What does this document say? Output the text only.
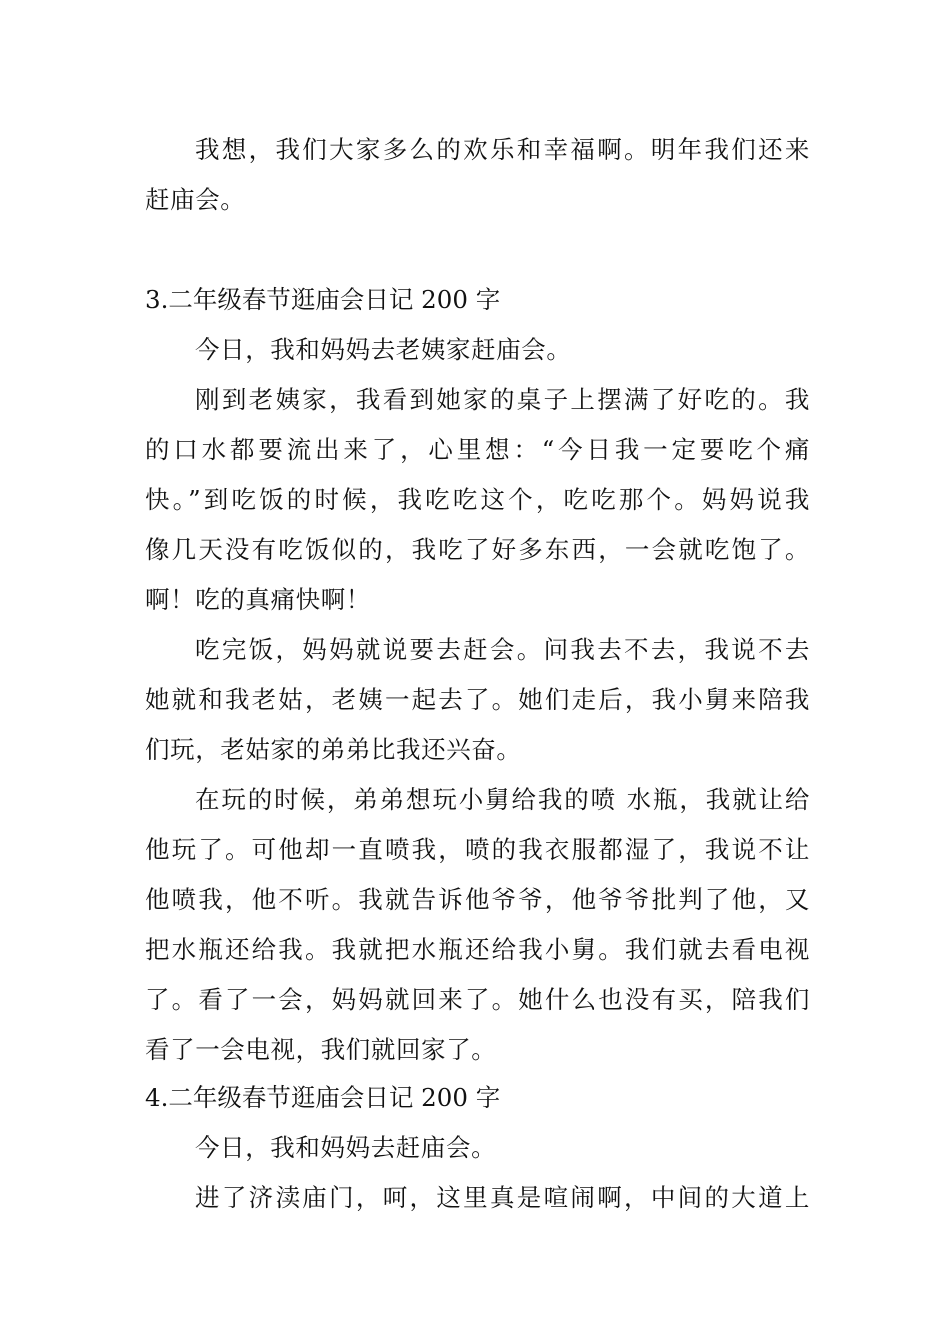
我想，我们大家多么的欢乐和幸福啊。明年我们还来
赶庙会。
3.二年级春节逛庙会日记 200 字
今日，我和妈妈去老姨家赶庙会。
刚到老姨家，我看到她家的桌子上摆满了好吃的。我
的口水都要流出来了，心里想：“今日我一定要吃个痛
快。”到吃饭的时候，我吃吃这个，吃吃那个。妈妈说我
像几天没有吃饭似的，我吃了好多东西，一会就吃饱了。
啊！吃的真痛快啊！
吃完饭，妈妈就说要去赶会。问我去不去，我说不去
她就和我老姑，老姨一起去了。她们走后，我小舅来陪我
们玩，老姑家的弟弟比我还兴奋。
在玩的时候，弟弟想玩小舅给我的喷 水瓶，我就让给
他玩了。可他却一直喷我，喷的我衣服都湿了，我说不让
他喷我，他不听。我就告诉他爷爷，他爷爷批判了他，又
把水瓶还给我。我就把水瓶还给我小舅。我们就去看电视
了。看了一会，妈妈就回来了。她什么也没有买，陪我们
看了一会电视，我们就回家了。
4.二年级春节逛庙会日记 200 字
今日，我和妈妈去赶庙会。
进了济渎庙门，呵，这里真是喧闹啊，中间的大道上
